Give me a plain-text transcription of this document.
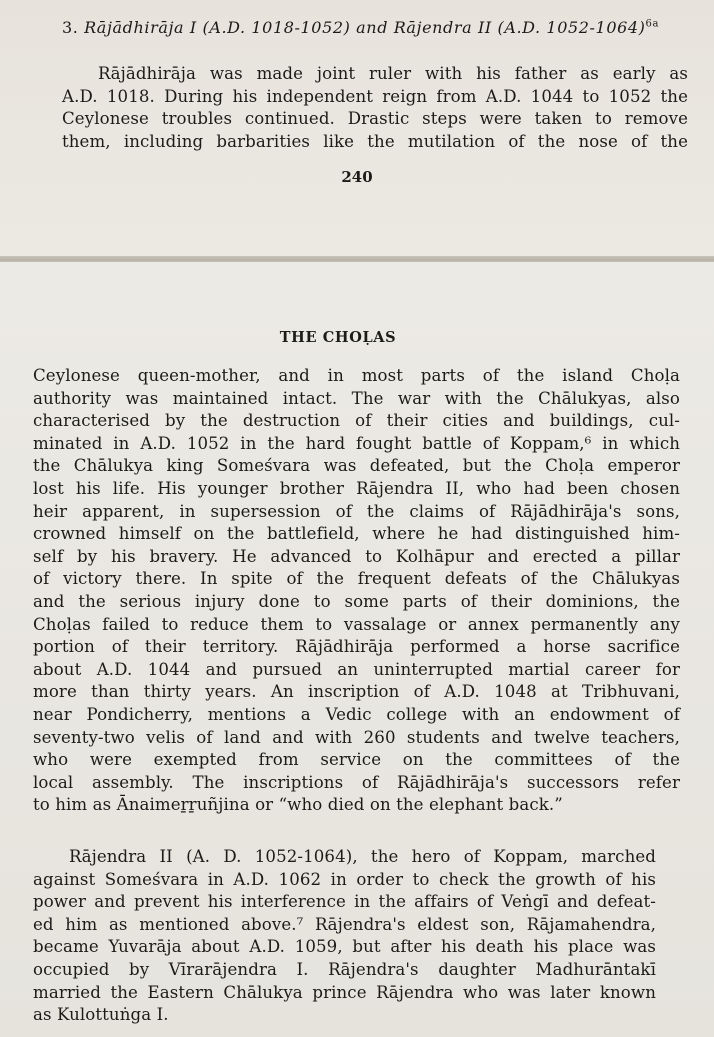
3. Rājādhirāja I (A.D. 1018-1052) and Rājendra II (A.D. 1052-1064)$^{6a}$
Rājādhirāja was made joint ruler with his father as early as
A.D. 1018. During his independent reign from A.D. 1044 to 1052 the
Ceylonese troubles continued. Drastic steps were taken to remove
them, including barbarities like the mutilation of the nose of the
240
THE CHOḶAS
Ceylonese queen-mother, and in most parts of the island Choḷa
authority was maintained intact. The war with the Chālukyas, also
characterised by the destruction of their cities and buildings, cul-
minated in A.D. 1052 in the hard fought battle of Koppam,⁶ in which
the Chālukya king Someśvara was defeated, but the Choḷa emperor
lost his life. His younger brother Rājendra II, who had been chosen
heir apparent, in supersession of the claims of Rājādhirāja's sons,
crowned himself on the battlefield, where he had distinguished him-
self by his bravery. He advanced to Kolhāpur and erected a pillar
of victory there. In spite of the frequent defeats of the Chālukyas
and the serious injury done to some parts of their dominions, the
Choḷas failed to reduce them to vassalage or annex permanently any
portion of their territory. Rājādhirāja performed a horse sacrifice
about A.D. 1044 and pursued an uninterrupted martial career for
more than thirty years. An inscription of A.D. 1048 at Tribhuvani,
near Pondicherry, mentions a Vedic college with an endowment of
seventy-two velis of land and with 260 students and twelve teachers,
who were exempted from service on the committees of the
local assembly. The inscriptions of Rājādhirāja's successors refer
to him as Ānaimeṟṟuñjina or “who died on the elephant back.”
Rājendra II (A. D. 1052-1064), the hero of Koppam, marched
against Someśvara in A.D. 1062 in order to check the growth of his
power and prevent his interference in the affairs of Veṅgī and defeat-
ed him as mentioned above.⁷ Rājendra's eldest son, Rājamahendra,
became Yuvarāja about A.D. 1059, but after his death his place was
occupied by Vīrarājendra I. Rājendra's daughter Madhurāntakī
married the Eastern Chālukya prince Rājendra who was later known
as Kulottuṅga I.
